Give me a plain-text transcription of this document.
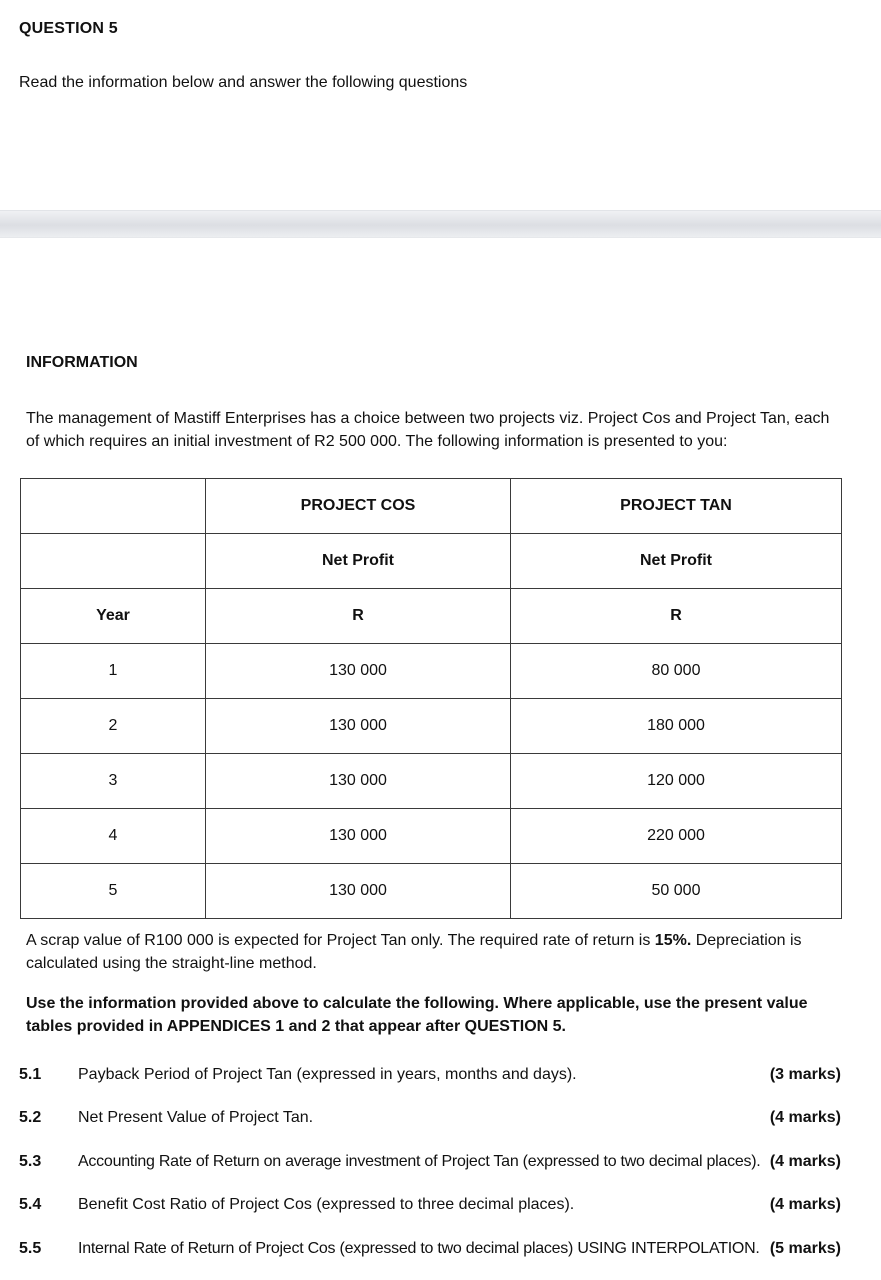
QUESTION 5
Read the information below and answer the following questions
INFORMATION
The management of Mastiff Enterprises has a choice between two projects viz. Project Cos and Project Tan, each of which requires an initial investment of R2 500 000. The following information is presented to you:
	PROJECT COS	PROJECT TAN
	Net Profit	Net Profit
Year	R	R
1	130 000	80 000
2	130 000	180 000
3	130 000	120 000
4	130 000	220 000
5	130 000	50 000
A scrap value of R100 000 is expected for Project Tan only. The required rate of return is 15%. Depreciation is calculated using the straight-line method.
Use the information provided above to calculate the following. Where applicable, use the present value tables provided in APPENDICES 1 and 2 that appear after QUESTION 5.
5.1 Payback Period of Project Tan (expressed in years, months and days).	(3 marks)
5.2 Net Present Value of Project Tan.	(4 marks)
5.3 Accounting Rate of Return on average investment of Project Tan (expressed to two decimal places). (4 marks)
5.4 Benefit Cost Ratio of Project Cos (expressed to three decimal places).	(4 marks)
5.5 Internal Rate of Return of Project Cos (expressed to two decimal places) USING INTERPOLATION. (5 marks)
